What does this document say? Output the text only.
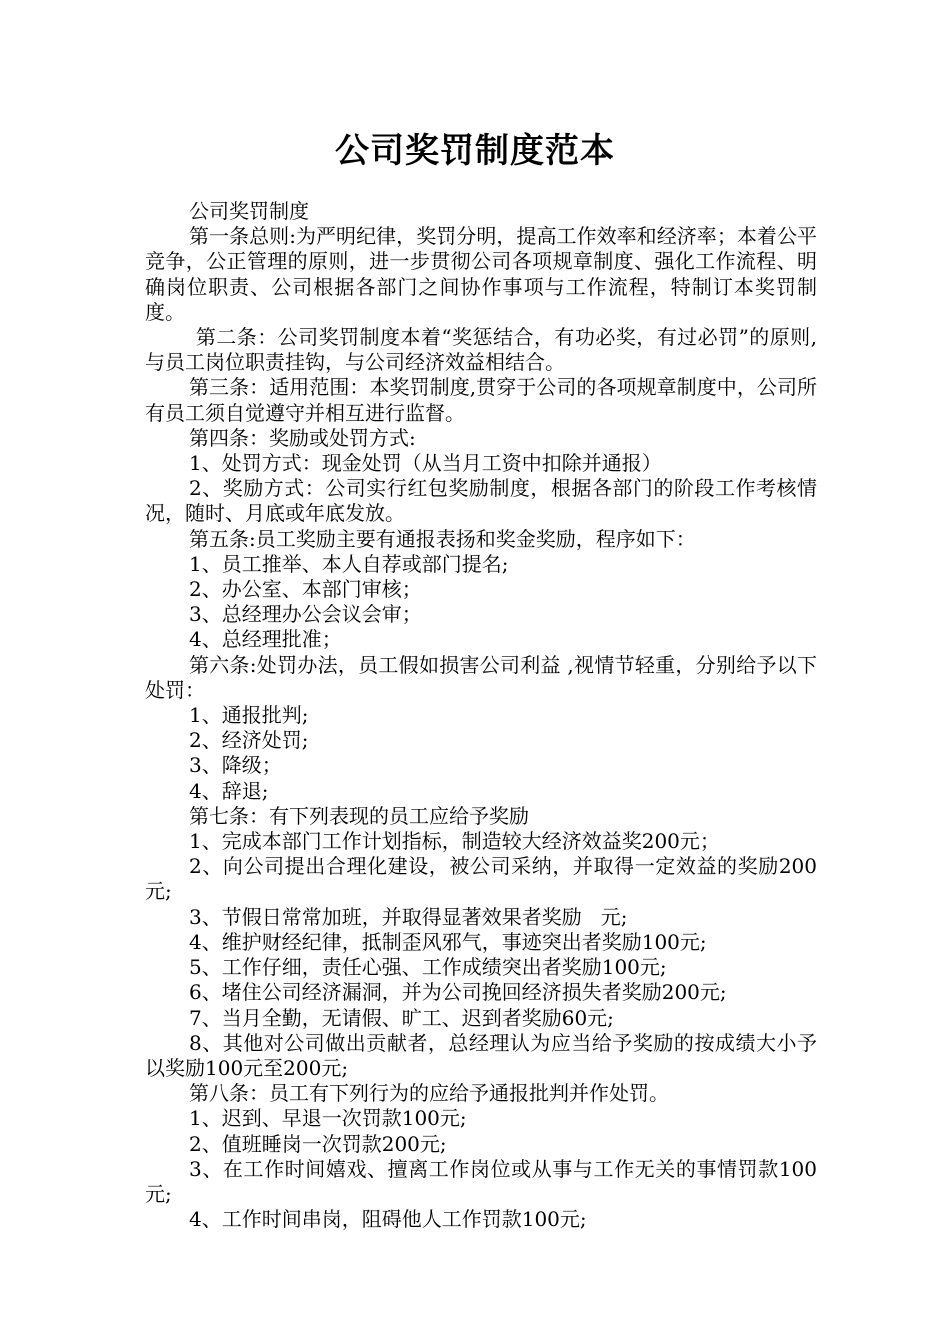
公司奖罚制度范本

公司奖罚制度

第一条总则:为严明纪律，奖罚分明，提高工作效率和经济率；本着公平竞争，公正管理的原则，进一步贯彻公司各项规章制度、强化工作流程、明确岗位职责、公司根据各部门之间协作事项与工作流程，特制订本奖罚制度。

第二条：公司奖罚制度本着“奖惩结合，有功必奖，有过必罚”的原则,与员工岗位职责挂钩，与公司经济效益相结合。

第三条：适用范围：本奖罚制度,贯穿于公司的各项规章制度中，公司所有员工须自觉遵守并相互进行监督。

第四条：奖励或处罚方式:

1、处罚方式：现金处罚（从当月工资中扣除并通报）

2、奖励方式：公司实行红包奖励制度，根据各部门的阶段工作考核情况，随时、月底或年底发放。

第五条:员工奖励主要有通报表扬和奖金奖励，程序如下：

1、员工推举、本人自荐或部门提名;

2、办公室、本部门审核；

3、总经理办公会议会审；

4、总经理批准；

第六条:处罚办法，员工假如损害公司利益 ,视情节轻重，分别给予以下处罚：

1、通报批判;

2、经济处罚;

3、降级；

4、辞退;

第七条：有下列表现的员工应给予奖励

1、完成本部门工作计划指标，制造较大经济效益奖200元；

2、向公司提出合理化建设，被公司采纳，并取得一定效益的奖励200元;

3、节假日常常加班，并取得显著效果者奖励   元;

4、维护财经纪律，抵制歪风邪气，事迹突出者奖励100元;

5、工作仔细，责任心强、工作成绩突出者奖励100元;

6、堵住公司经济漏洞，并为公司挽回经济损失者奖励200元;

7、当月全勤，无请假、旷工、迟到者奖励60元;

8、其他对公司做出贡献者，总经理认为应当给予奖励的按成绩大小予以奖励100元至200元;

第八条：员工有下列行为的应给予通报批判并作处罚。

1、迟到、早退一次罚款100元;

2、值班睡岗一次罚款200元;

3、在工作时间嬉戏、擅离工作岗位或从事与工作无关的事情罚款100元;

4、工作时间串岗，阻碍他人工作罚款100元;
